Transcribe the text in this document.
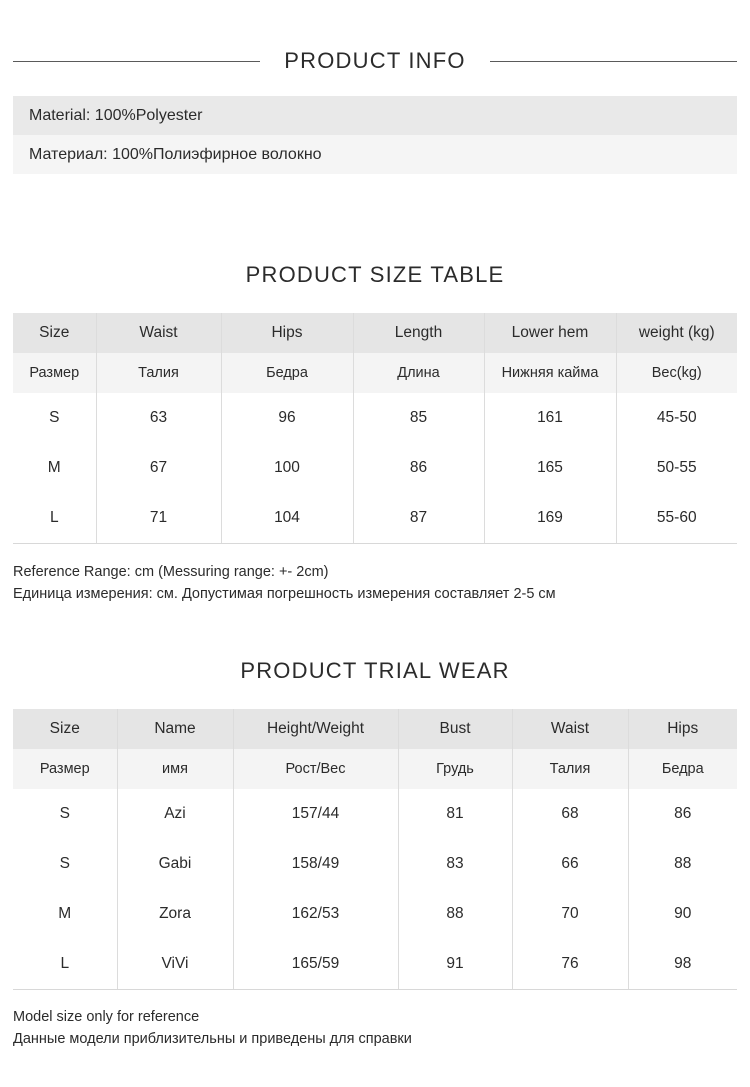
PRODUCT INFO
Material: 100%Polyester
Материал: 100%Полиэфирное волокно
PRODUCT SIZE TABLE
Size	Waist	Hips	Length	Lower hem	weight (kg)
Размер	Талия	Бедра	Длина	Нижняя кайма	Вес(kg)
S	63	96	85	161	45-50
M	67	100	86	165	50-55
L	71	104	87	169	55-60
Reference Range: cm (Messuring range: +- 2cm)
Единица измерения: см. Допустимая погрешность измерения составляет 2-5 см
PRODUCT TRIAL WEAR
Size	Name	Height/Weight	Bust	Waist	Hips
Размер	имя	Рост/Вес	Грудь	Талия	Бедра
S	Azi	157/44	81	68	86
S	Gabi	158/49	83	66	88
M	Zora	162/53	88	70	90
L	ViVi	165/59	91	76	98
Model size only for reference
Данные модели приблизительны и приведены для справки
